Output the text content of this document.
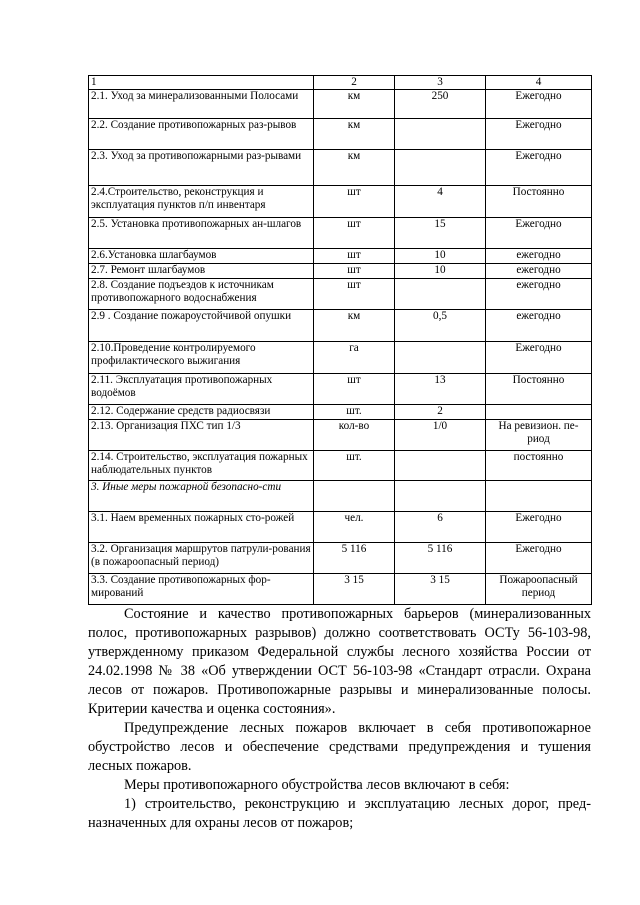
1	2	3	4
2.1. Уход за минерализованными Полосами	км	250	Ежегодно
2.2. Создание противопожарных раз-рывов	км		Ежегодно
2.3. Уход за противопожарными раз-рывами	км		Ежегодно
2.4.Строительство, реконструкция и эксплуатация пунктов п/п инвентаря	шт	4	Постоянно
2.5. Установка противопожарных ан-шлагов	шт	15	Ежегодно
2.6.Установка шлагбаумов	шт	10	ежегодно
2.7. Ремонт шлагбаумов	шт	10	ежегодно
2.8. Создание подъездов к источникам противопожарного водоснабжения	шт		ежегодно
2.9 . Создание пожароустойчивой опушки	км	0,5	ежегодно
2.10.Проведение контролируемого профилактического выжигания	га		Ежегодно
2.11. Эксплуатация противопожарных водоёмов	шт	13	Постоянно
2.12. Содержание средств радиосвязи	шт.	2	
2.13. Организация ПХС тип 1/3	кол-во	1/0	На ревизион. пе-риод
2.14. Строительство, эксплуатация пожарных наблюдательных пунктов	шт.		постоянно
3. Иные меры пожарной безопасно-сти			
3.1. Наем временных пожарных сто-рожей	чел.	6	Ежегодно
3.2. Организация маршрутов патрули-рования (в пожароопасный период)	5 116	5 116	Ежегодно
3.3. Создание противопожарных фор-мирований	3 15	3 15	Пожароопасный период

Состояние и качество противопожарных барьеров (минерализованных полос, противопожарных разрывов) должно соответствовать ОСТу 56-103-98, утвержденному приказом Федеральной службы лесного хозяйства России от 24.02.1998 № 38 «Об утверждении ОСТ 56-103-98 «Стандарт отрасли. Охрана лесов от пожаров. Противопожарные разрывы и минерализованные полосы. Критерии качества и оценка состояния».

Предупреждение лесных пожаров включает в себя противопожарное обустройство лесов и обеспечение средствами предупреждения и тушения лесных пожаров.

Меры противопожарного обустройства лесов включают в себя:

1) строительство, реконструкцию и эксплуатацию лесных дорог, пред-назначенных для охраны лесов от пожаров;
